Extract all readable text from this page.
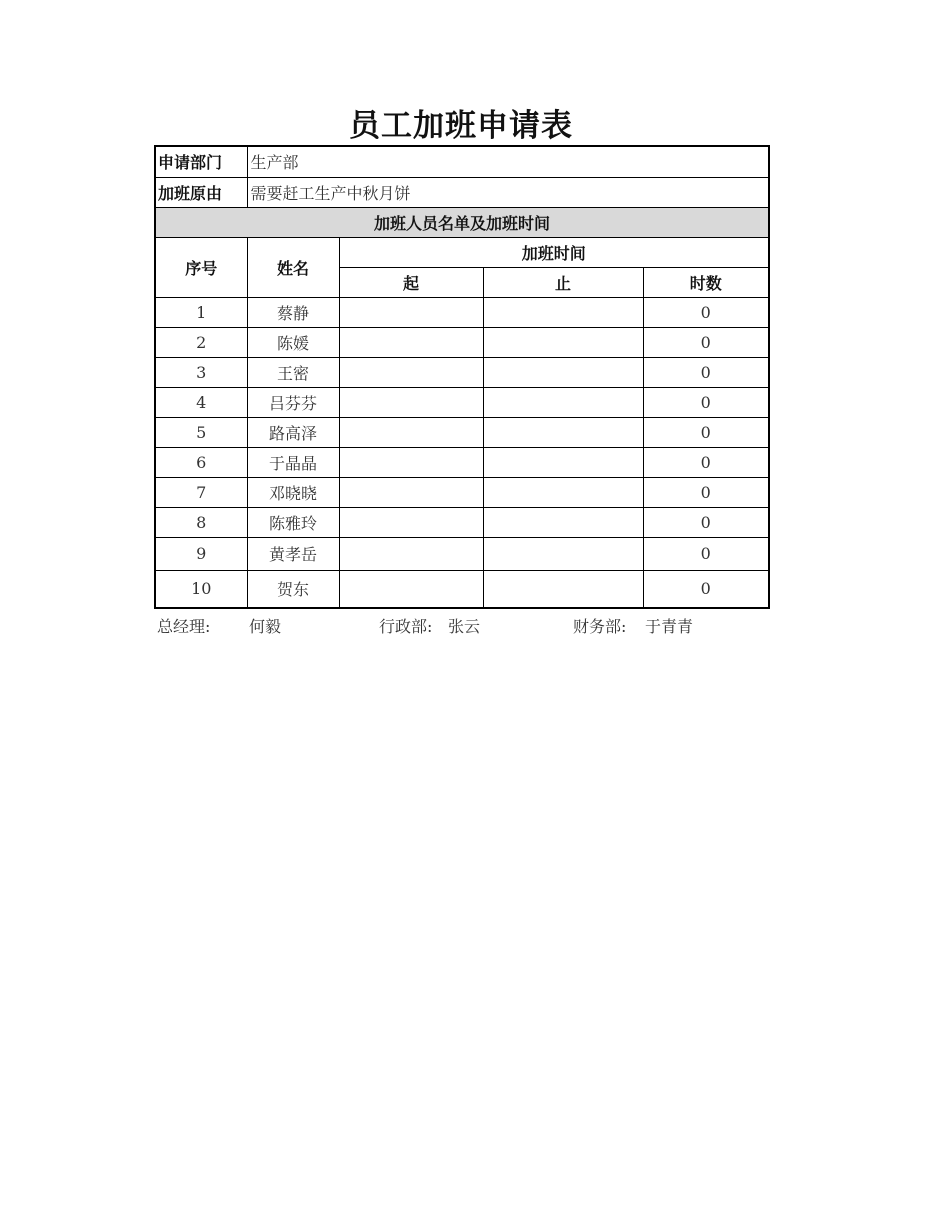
员工加班申请表
申请部门	生产部			
加班原由	需要赶工生产中秋月饼			
加班人员名单及加班时间				
序号	姓名	加班时间		
		起	止	时数
1	蔡静			0
2	陈媛			0
3	王密			0
4	吕芬芬			0
5	路高泽			0
6	于晶晶			0
7	邓晓晓			0
8	陈雅玲			0
9	黄孝岳			0
10	贺东			0
总经理: 何毅	行政部: 张云	财务部: 于青青
